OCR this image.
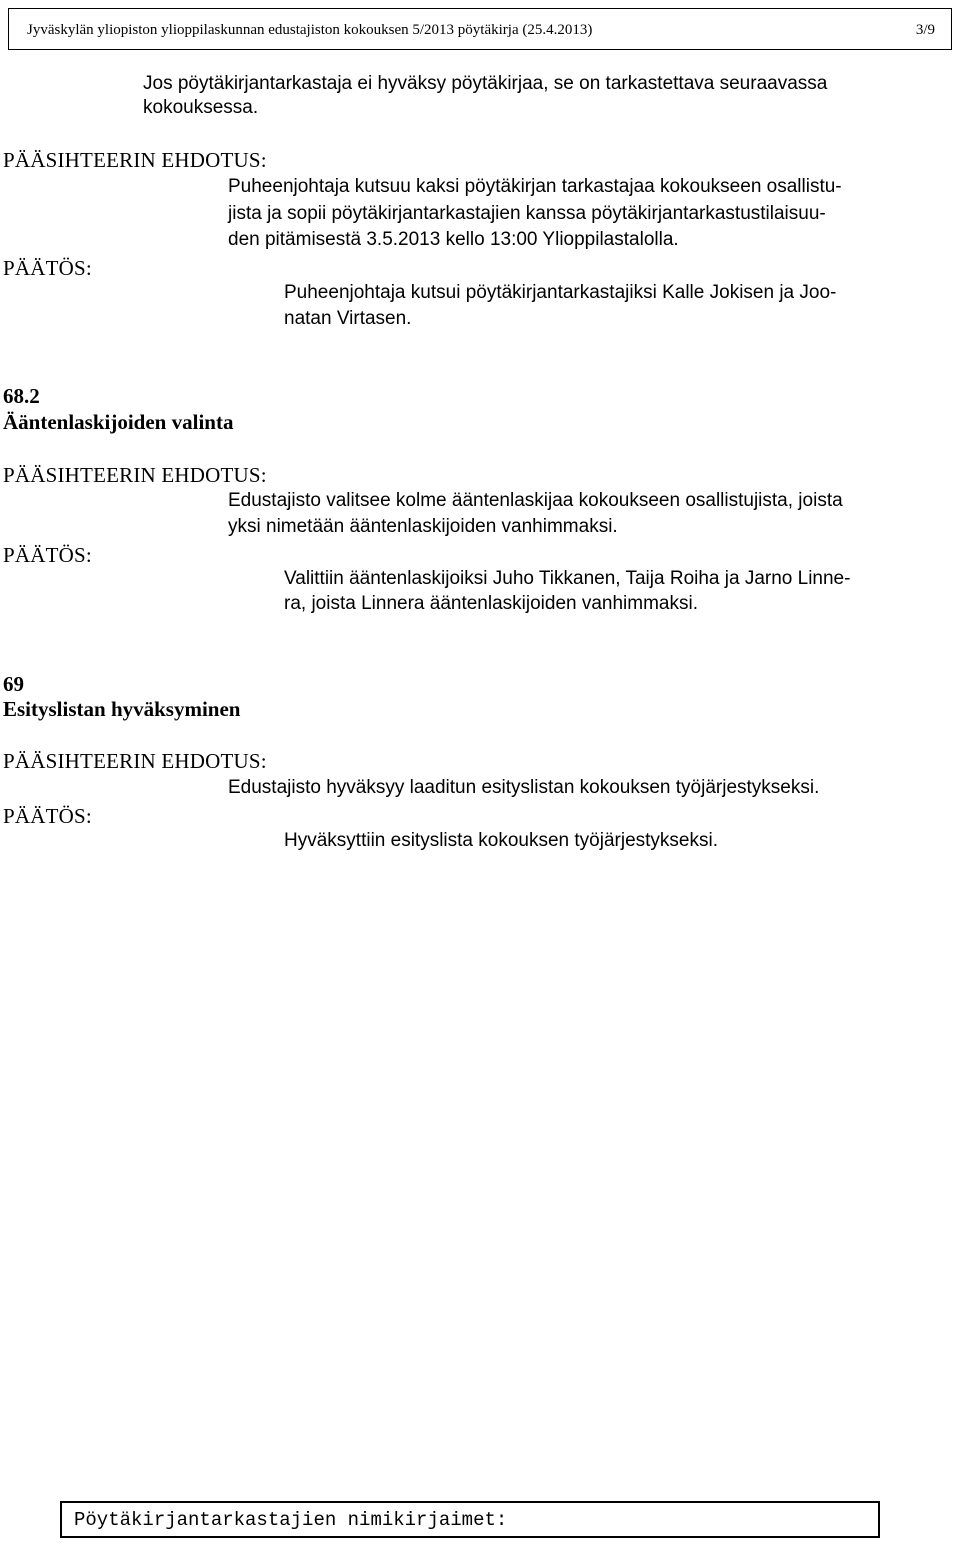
Jyväskylän yliopiston ylioppilaskunnan edustajiston kokouksen 5/2013 pöytäkirja (25.4.2013)	3/9

Jos pöytäkirjantarkastaja ei hyväksy pöytäkirjaa, se on tarkastettava seuraavassa

kokouksessa.

PÄÄSIHTEERIN EHDOTUS:

Puheenjohtaja kutsuu kaksi pöytäkirjan tarkastajaa kokoukseen osallistu-

jista ja sopii pöytäkirjantarkastajien kanssa pöytäkirjantarkastustilaisuu-

den pitämisestä 3.5.2013 kello 13:00 Ylioppilastalolla.

PÄÄTÖS:

Puheenjohtaja kutsui pöytäkirjantarkastajiksi Kalle Jokisen ja Joo-

natan Virtasen.

68.2

Ääntenlaskijoiden valinta

PÄÄSIHTEERIN EHDOTUS:

Edustajisto valitsee kolme ääntenlaskijaa kokoukseen osallistujista, joista

yksi nimetään ääntenlaskijoiden vanhimmaksi.

PÄÄTÖS:

Valittiin ääntenlaskijoiksi Juho Tikkanen, Taija Roiha ja Jarno Linne-

ra, joista Linnera ääntenlaskijoiden vanhimmaksi.

69

Esityslistan hyväksyminen

PÄÄSIHTEERIN EHDOTUS:

Edustajisto hyväksyy laaditun esityslistan kokouksen työjärjestykseksi.

PÄÄTÖS:

Hyväksyttiin esityslista kokouksen työjärjestykseksi.

Pöytäkirjantarkastajien nimikirjaimet:
